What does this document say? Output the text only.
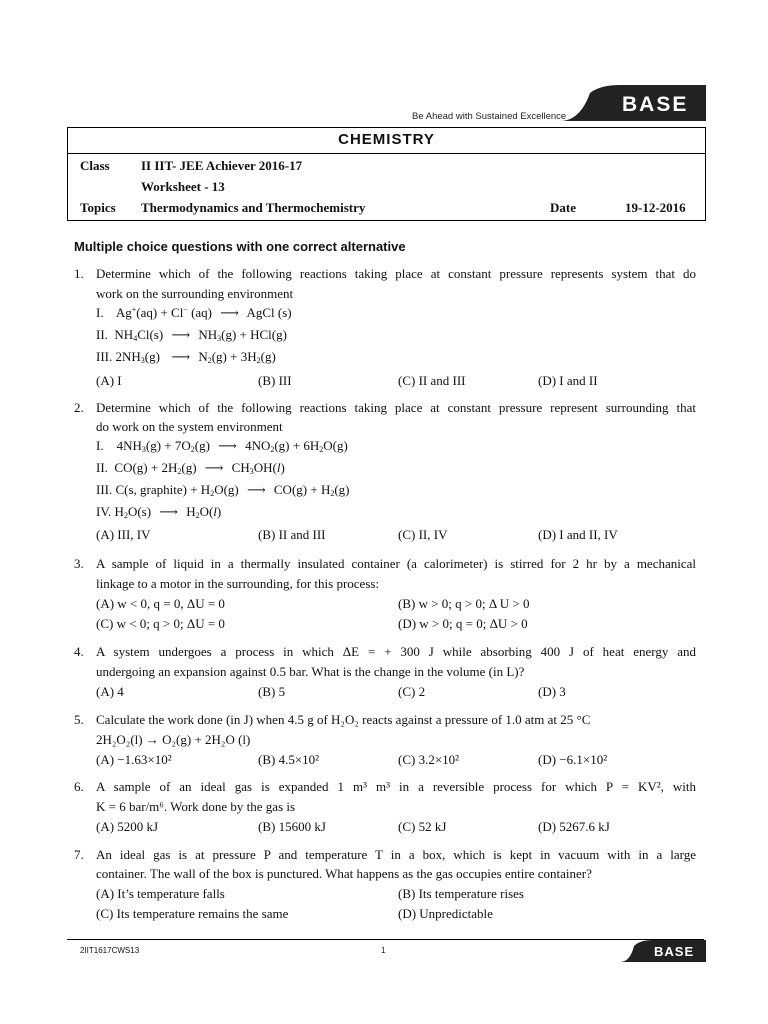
Be Ahead with Sustained Excellence
BASE
CHEMISTRY
Class II IIT- JEE Achiever 2016-17
Worksheet - 13
Topics Thermodynamics and Thermochemistry	Date	19-12-2016
Multiple choice questions with one correct alternative
1. Determine which of the following reactions taking place at constant pressure represents system that do
work on the surrounding environment
I.    Ag+(aq) + Cl− (aq) ⟶ AgCl (s)
II.  $NH_4Cl(s)$ ⟶ $NH_3(g) + HCl(g)$
III. $2NH_3(g)$  ⟶ $N_2(g) + 3H_2(g)$
(A) I	(B) III	(C) II and III	(D) I and II
2. Determine which of the following reactions taking place at constant pressure represent surrounding that
do work on the system environment
I.    $4NH_3(g) + 7O_2(g)$ ⟶ $4NO_2(g) + 6H_2O(g)$
II.  $CO(g) + 2H_2(g)$ ⟶ $CH_3OH(l)$
III. C(s, graphite) + $H_2O(g)$ ⟶ $CO(g) + H_2(g)$
IV. $H_2O(s)$ ⟶ $H_2O(l)$
(A) III, IV	(B) II and III	(C) II, IV	(D) I and II, IV
3. A sample of liquid in a thermally insulated container (a calorimeter) is stirred for 2 hr by a mechanical
linkage to a motor in the surrounding, for this process:
(A) w < 0, q = 0, ΔU = 0	(B) w > 0; q > 0; Δ U > 0
(C) w < 0; q > 0; ΔU = 0	(D) w > 0; q = 0; ΔU > 0
4. A system undergoes a process in which ΔE = + 300 J while absorbing 400 J of heat energy and
undergoing an expansion against 0.5 bar. What is the change in the volume (in L)?
(A) 4	(B) 5	(C) 2	(D) 3
5. Calculate the work done (in J) when 4.5 g of H₂O₂ reacts against a pressure of 1.0 atm at 25 °C
2H₂O₂(l) → O₂(g) + 2H₂O (l)
(A) −1.63×10²	(B) 4.5×10²	(C) 3.2×10²	(D) −6.1×10²
6. A sample of an ideal gas is expanded 1 m³ m³ in a reversible process for which P = KV², with
K = 6 bar/m⁶. Work done by the gas is
(A) 5200 kJ	(B) 15600 kJ	(C) 52 kJ	(D) 5267.6 kJ
7. An ideal gas is at pressure P and temperature T in a box, which is kept in vacuum with in a large
container. The wall of the box is punctured. What happens as the gas occupies entire container?
(A) It’s temperature falls	(B) Its temperature rises
(C) Its temperature remains the same	(D) Unpredictable
2IIT1617CWS13	1	BASE
